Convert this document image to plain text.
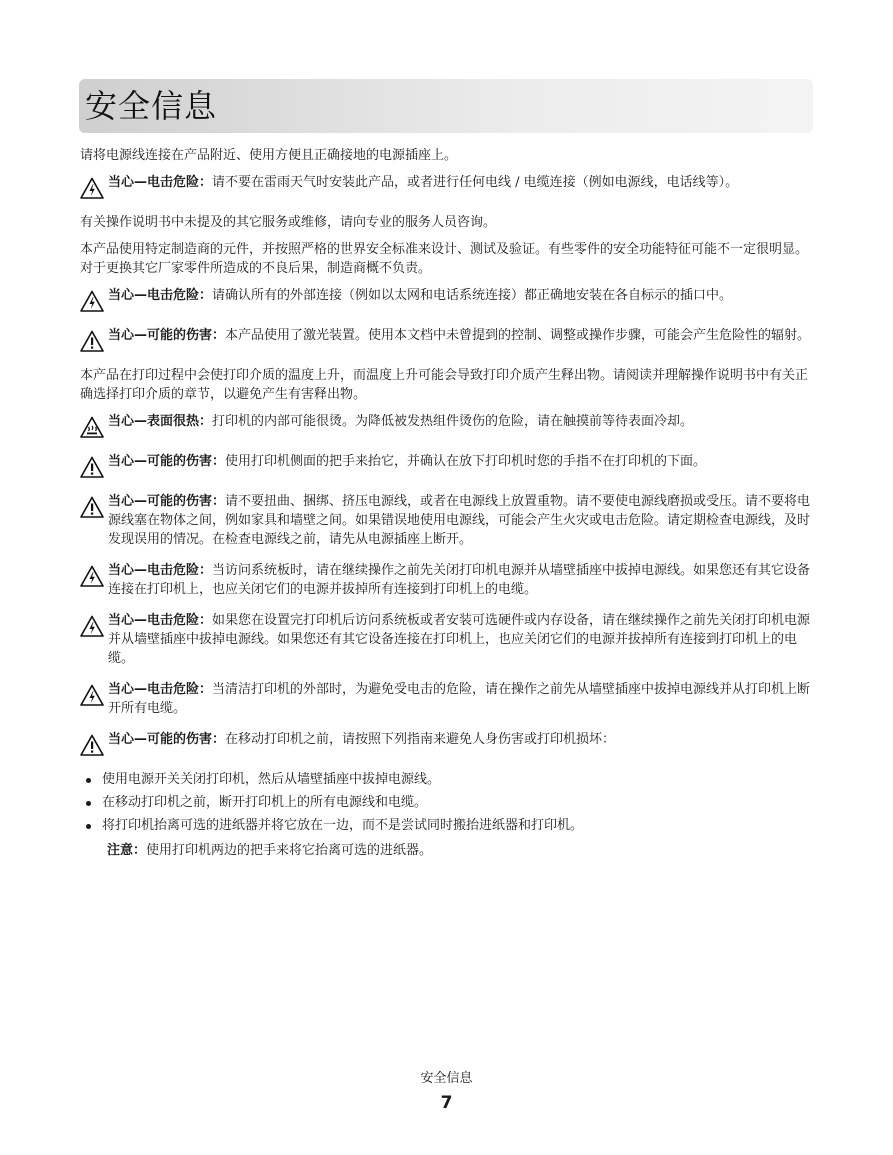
安全信息

请将电源线连接在产品附近、使用方便且正确接地的电源插座上。

当心—电击危险：请不要在雷雨天气时安装此产品，或者进行任何电线 / 电缆连接（例如电源线，电话线等）。

有关操作说明书中未提及的其它服务或维修，请向专业的服务人员咨询。

本产品使用特定制造商的元件，并按照严格的世界安全标准来设计、测试及验证。有些零件的安全功能特征可能不一定很明显。对于更换其它厂家零件所造成的不良后果，制造商概不负责。

当心—电击危险：请确认所有的外部连接（例如以太网和电话系统连接）都正确地安装在各自标示的插口中。
当心—可能的伤害：本产品使用了激光装置。使用本文档中未曾提到的控制、调整或操作步骤，可能会产生危险性的辐射。

本产品在打印过程中会使打印介质的温度上升，而温度上升可能会导致打印介质产生释出物。请阅读并理解操作说明书中有关正确选择打印介质的章节，以避免产生有害释出物。

当心—表面很热：打印机的内部可能很烫。为降低被发热组件烫伤的危险，请在触摸前等待表面冷却。
当心—可能的伤害：使用打印机侧面的把手来抬它，并确认在放下打印机时您的手指不在打印机的下面。
当心—可能的伤害：请不要扭曲、捆绑、挤压电源线，或者在电源线上放置重物。请不要使电源线磨损或受压。请不要将电源线塞在物体之间，例如家具和墙壁之间。如果错误地使用电源线，可能会产生火灾或电击危险。请定期检查电源线，及时发现误用的情况。在检查电源线之前，请先从电源插座上断开。
当心—电击危险：当访问系统板时，请在继续操作之前先关闭打印机电源并从墙壁插座中拔掉电源线。如果您还有其它设备连接在打印机上，也应关闭它们的电源并拔掉所有连接到打印机上的电缆。
当心—电击危险：如果您在设置完打印机后访问系统板或者安装可选硬件或内存设备，请在继续操作之前先关闭打印机电源并从墙壁插座中拔掉电源线。如果您还有其它设备连接在打印机上，也应关闭它们的电源并拔掉所有连接到打印机上的电缆。
当心—电击危险：当清洁打印机的外部时，为避免受电击的危险，请在操作之前先从墙壁插座中拔掉电源线并从打印机上断开所有电缆。
当心—可能的伤害：在移动打印机之前，请按照下列指南来避免人身伤害或打印机损坏：
使用电源开关关闭打印机，然后从墙壁插座中拔掉电源线。
在移动打印机之前，断开打印机上的所有电源线和电缆。
将打印机抬离可选的进纸器并将它放在一边，而不是尝试同时搬抬进纸器和打印机。
注意：使用打印机两边的把手来将它抬离可选的进纸器。
安全信息
7
